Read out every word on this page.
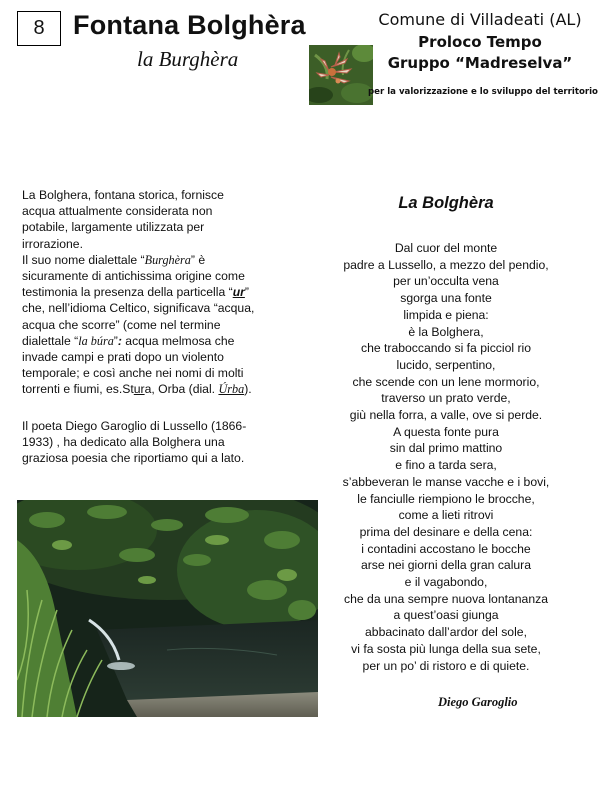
8 Fontana Bolghèra
la Burghèra
Comune di Villadeati (AL)
Proloco Tempo
Gruppo “Madreselva”
per la valorizzazione e lo sviluppo del territorio
La Bolghera, fontana storica, fornisce
acqua attualmente considerata non
potabile, largamente utilizzata per
irrorazione.
Il suo nome dialettale “Burghèra” è
sicuramente di antichissima origine come
testimonia la presenza della particella “ur”
che, nell’idioma Celtico, significava “acqua,
acqua che scorre” (come nel termine
dialettale “la búra”: acqua melmosa che
invade campi e prati dopo un violento
temporale; e così anche nei nomi di molti
torrenti e fiumi, es.Stura, Orba (dial. Úrba).
Il poeta Diego Garoglio di Lussello (1866-
1933) , ha dedicato alla Bolghera una
graziosa poesia che riportiamo qui a lato.
La Bolghèra
Dal cuor del monte
padre a Lussello, a mezzo del pendio,
per un’occulta vena
sgorga una fonte
limpida e piena:
è la Bolghera,
che traboccando si fa picciol rio
lucido, serpentino,
che scende con un lene mormorio,
traverso un prato verde,
giù nella forra, a valle, ove si perde.
A questa fonte pura
sin dal primo mattino
e fino a tarda sera,
s’abbeveran le manse vacche e i bovi,
le fanciulle riempiono le brocche,
come a lieti ritrovi
prima del desinare e della cena:
i contadini accostano le bocche
arse nei giorni della gran calura
e il vagabondo,
che da una sempre nuova lontananza
a quest’oasi giunga
abbacinato dall’ardor del sole,
vi fa sosta più lunga della sua sete,
per un po’ di ristoro e di quiete.
Diego Garoglio
